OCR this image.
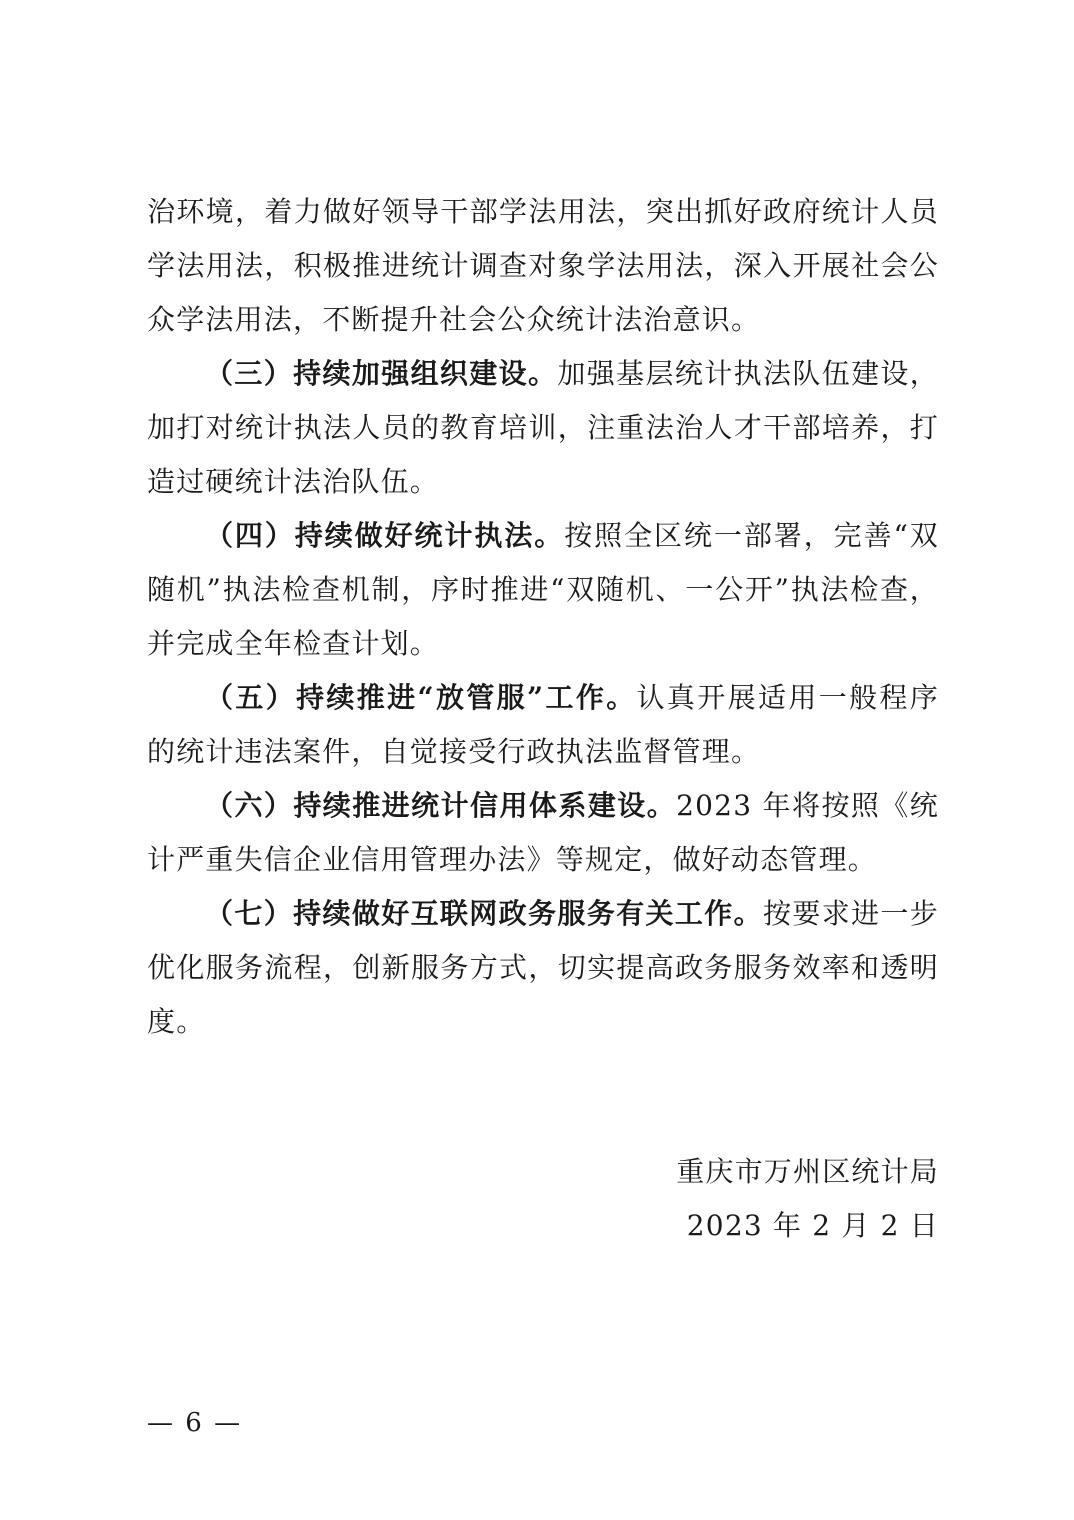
治环境，着力做好领导干部学法用法，突出抓好政府统计人员学法用法，积极推进统计调查对象学法用法，深入开展社会公众学法用法，不断提升社会公众统计法治意识。

（三）持续加强组织建设。加强基层统计执法队伍建设，加打对统计执法人员的教育培训，注重法治人才干部培养，打造过硬统计法治队伍。

（四）持续做好统计执法。按照全区统一部署，完善“双随机”执法检查机制，序时推进“双随机、一公开”执法检查，并完成全年检查计划。

（五）持续推进“放管服”工作。认真开展适用一般程序的统计违法案件，自觉接受行政执法监督管理。

（六）持续推进统计信用体系建设。2023 年将按照《统计严重失信企业信用管理办法》等规定，做好动态管理。

（七）持续做好互联网政务服务有关工作。按要求进一步优化服务流程，创新服务方式，切实提高政务服务效率和透明度。

重庆市万州区统计局
2023 年 2 月 2 日
— 6 —
